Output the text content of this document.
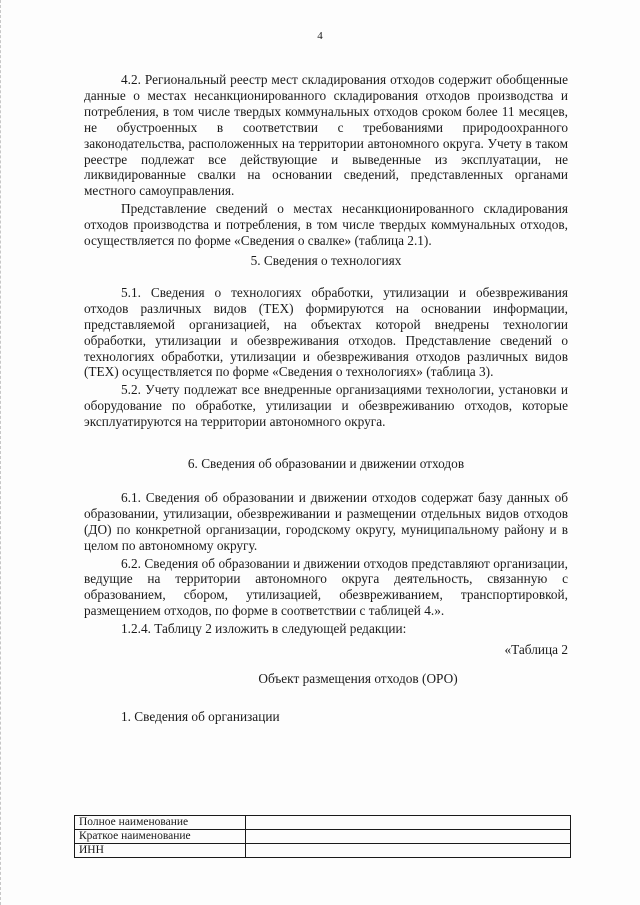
4

4.2. Региональный реестр мест складирования отходов содержит обобщенные данные о местах несанкционированного складирования отходов производства и потребления, в том числе твердых коммунальных отходов сроком более 11 месяцев, не обустроенных в соответствии с требованиями природоохранного законодательства, расположенных на территории автономного округа. Учету в таком реестре подлежат все действующие и выведенные из эксплуатации, не ликвидированные свалки на основании сведений, представленных органами местного самоуправления.

Представление сведений о местах несанкционированного складирования отходов производства и потребления, в том числе твердых коммунальных отходов, осуществляется по форме «Сведения о свалке» (таблица 2.1).

5. Сведения о технологиях

5.1. Сведения о технологиях обработки, утилизации и обезвреживания отходов различных видов (ТЕХ) формируются на основании информации, представляемой организацией, на объектах которой внедрены технологии обработки, утилизации и обезвреживания отходов. Представление сведений о технологиях обработки, утилизации и обезвреживания отходов различных видов (ТЕХ) осуществляется по форме «Сведения о технологиях» (таблица 3).

5.2. Учету подлежат все внедренные организациями технологии, установки и оборудование по обработке, утилизации и обезвреживанию отходов, которые эксплуатируются на территории автономного округа.

6. Сведения об образовании и движении отходов

6.1. Сведения об образовании и движении отходов содержат базу данных об образовании, утилизации, обезвреживании и размещении отдельных видов отходов (ДО) по конкретной организации, городскому округу, муниципальному району и в целом по автономному округу.

6.2. Сведения об образовании и движении отходов представляют организации, ведущие на территории автономного округа деятельность, связанную с образованием, сбором, утилизацией, обезвреживанием, транспортировкой, размещением отходов, по форме в соответствии с таблицей 4.».

1.2.4. Таблицу 2 изложить в следующей редакции:

«Таблица 2

Объект размещения отходов (ОРО)

1. Сведения об организации

Полное наименование	
Краткое наименование	
ИНН	
